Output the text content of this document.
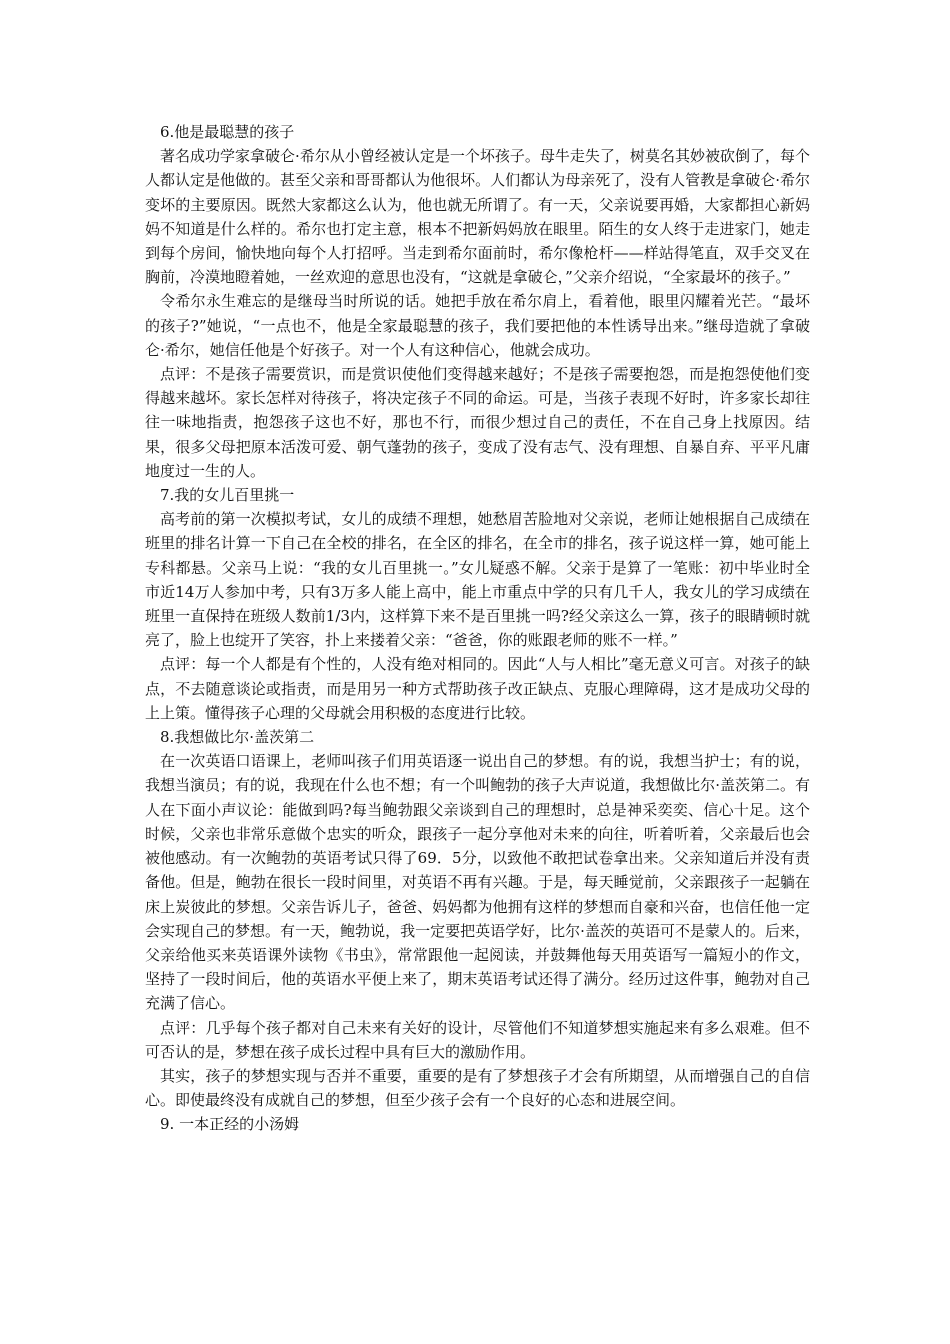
6.他是最聪慧的孩子

著名成功学家拿破仑·希尔从小曾经被认定是一个坏孩子。母牛走失了，树莫名其妙被砍倒了，每个人都认定是他做的。甚至父亲和哥哥都认为他很坏。人们都认为母亲死了，没有人管教是拿破仑·希尔变坏的主要原因。既然大家都这么认为，他也就无所谓了。有一天，父亲说要再婚，大家都担心新妈妈不知道是什么样的。希尔也打定主意，根本不把新妈妈放在眼里。陌生的女人终于走进家门，她走到每个房间，愉快地向每个人打招呼。当走到希尔面前时，希尔像枪杆——样站得笔直，双手交叉在胸前，冷漠地瞪着她，一丝欢迎的意思也没有，“这就是拿破仑，”父亲介绍说，“全家最坏的孩子。”

令希尔永生难忘的是继母当时所说的话。她把手放在希尔肩上，看着他，眼里闪耀着光芒。“最坏的孩子?”她说，“一点也不，他是全家最聪慧的孩子，我们要把他的本性诱导出来。”继母造就了拿破仑·希尔，她信任他是个好孩子。对一个人有这种信心，他就会成功。

点评：不是孩子需要赏识，而是赏识使他们变得越来越好；不是孩子需要抱怨，而是抱怨使他们变得越来越坏。家长怎样对待孩子，将决定孩子不同的命运。可是，当孩子表现不好时，许多家长却往往一味地指责，抱怨孩子这也不好，那也不行，而很少想过自己的责任，不在自己身上找原因。结果，很多父母把原本活泼可爱、朝气蓬勃的孩子，变成了没有志气、没有理想、自暴自弃、平平凡庸地度过一生的人。

7.我的女儿百里挑一

高考前的第一次模拟考试，女儿的成绩不理想，她愁眉苦脸地对父亲说，老师让她根据自己成绩在班里的排名计算一下自己在全校的排名，在全区的排名，在全市的排名，孩子说这样一算，她可能上专科都悬。父亲马上说：“我的女儿百里挑一。”女儿疑惑不解。父亲于是算了一笔账：初中毕业时全市近14万人参加中考，只有3万多人能上高中，能上市重点中学的只有几千人，我女儿的学习成绩在班里一直保持在班级人数前1/3内，这样算下来不是百里挑一吗?经父亲这么一算，孩子的眼睛顿时就亮了，脸上也绽开了笑容，扑上来搂着父亲：“爸爸，你的账跟老师的账不一样。”

点评：每一个人都是有个性的，人没有绝对相同的。因此“人与人相比”毫无意义可言。对孩子的缺点，不去随意谈论或指责，而是用另一种方式帮助孩子改正缺点、克服心理障碍，这才是成功父母的上上策。懂得孩子心理的父母就会用积极的态度进行比较。

8.我想做比尔·盖茨第二

在一次英语口语课上，老师叫孩子们用英语逐一说出自己的梦想。有的说，我想当护士；有的说，我想当演员；有的说，我现在什么也不想；有一个叫鲍勃的孩子大声说道，我想做比尔·盖茨第二。有人在下面小声议论：能做到吗?每当鲍勃跟父亲谈到自己的理想时，总是神采奕奕、信心十足。这个时候，父亲也非常乐意做个忠实的听众，跟孩子一起分享他对未来的向往，听着听着，父亲最后也会被他感动。有一次鲍勃的英语考试只得了69．5分，以致他不敢把试卷拿出来。父亲知道后并没有责备他。但是，鲍勃在很长一段时间里，对英语不再有兴趣。于是，每天睡觉前，父亲跟孩子一起躺在床上炭彼此的梦想。父亲告诉儿子，爸爸、妈妈都为他拥有这样的梦想而自豪和兴奋，也信任他一定会实现自己的梦想。有一天，鲍勃说，我一定要把英语学好，比尔·盖茨的英语可不是蒙人的。后来，父亲给他买来英语课外读物《书虫》，常常跟他一起阅读，并鼓舞他每天用英语写一篇短小的作文，坚持了一段时间后，他的英语水平便上来了，期末英语考试还得了满分。经历过这件事，鲍勃对自己充满了信心。

点评：几乎每个孩子都对自己未来有关好的设计，尽管他们不知道梦想实施起来有多么艰难。但不可否认的是，梦想在孩子成长过程中具有巨大的激励作用。

其实，孩子的梦想实现与否并不重要，重要的是有了梦想孩子才会有所期望，从而增强自己的自信心。即使最终没有成就自己的梦想，但至少孩子会有一个良好的心态和进展空间。

9. 一本正经的小汤姆
